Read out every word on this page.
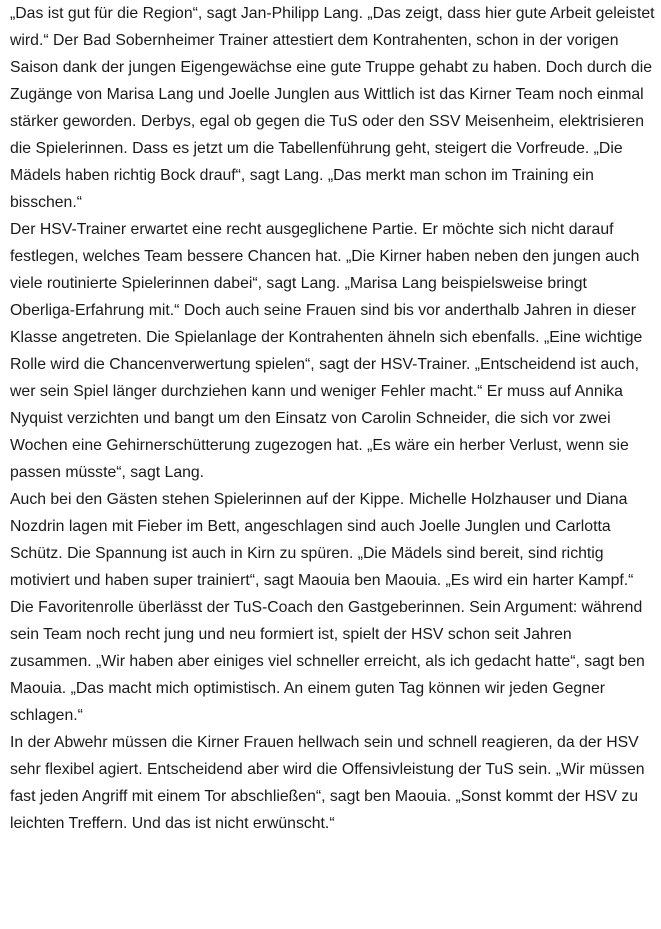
„Das ist gut für die Region“, sagt Jan-Philipp Lang. „Das zeigt, dass hier gute Arbeit geleistet wird.“ Der Bad Sobernheimer Trainer attestiert dem Kontrahenten, schon in der vorigen Saison dank der jungen Eigengewächse eine gute Truppe gehabt zu haben. Doch durch die Zugänge von Marisa Lang und Joelle Junglen aus Wittlich ist das Kirner Team noch einmal stärker geworden. Derbys, egal ob gegen die TuS oder den SSV Meisenheim, elektrisieren die Spielerinnen. Dass es jetzt um die Tabellenführung geht, steigert die Vorfreude. „Die Mädels haben richtig Bock drauf“, sagt Lang. „Das merkt man schon im Training ein bisschen.“

Der HSV-Trainer erwartet eine recht ausgeglichene Partie. Er möchte sich nicht darauf festlegen, welches Team bessere Chancen hat. „Die Kirner haben neben den jungen auch viele routinierte Spielerinnen dabei“, sagt Lang. „Marisa Lang beispielsweise bringt Oberliga-Erfahrung mit.“ Doch auch seine Frauen sind bis vor anderthalb Jahren in dieser Klasse angetreten. Die Spielanlage der Kontrahenten ähneln sich ebenfalls. „Eine wichtige Rolle wird die Chancenverwertung spielen“, sagt der HSV-Trainer. „Entscheidend ist auch, wer sein Spiel länger durchziehen kann und weniger Fehler macht.“ Er muss auf Annika Nyquist verzichten und bangt um den Einsatz von Carolin Schneider, die sich vor zwei Wochen eine Gehirnerschütterung zugezogen hat. „Es wäre ein herber Verlust, wenn sie passen müsste“, sagt Lang.

Auch bei den Gästen stehen Spielerinnen auf der Kippe. Michelle Holzhauser und Diana Nozdrin lagen mit Fieber im Bett, angeschlagen sind auch Joelle Junglen und Carlotta Schütz. Die Spannung ist auch in Kirn zu spüren. „Die Mädels sind bereit, sind richtig motiviert und haben super trainiert“, sagt Maouia ben Maouia. „Es wird ein harter Kampf.“ Die Favoritenrolle überlässt der TuS-Coach den Gastgeberinnen. Sein Argument: während sein Team noch recht jung und neu formiert ist, spielt der HSV schon seit Jahren zusammen. „Wir haben aber einiges viel schneller erreicht, als ich gedacht hatte“, sagt ben Maouia. „Das macht mich optimistisch. An einem guten Tag können wir jeden Gegner schlagen.“

In der Abwehr müssen die Kirner Frauen hellwach sein und schnell reagieren, da der HSV sehr flexibel agiert. Entscheidend aber wird die Offensivleistung der TuS sein. „Wir müssen fast jeden Angriff mit einem Tor abschließen“, sagt ben Maouia. „Sonst kommt der HSV zu leichten Treffern. Und das ist nicht erwünscht.“
